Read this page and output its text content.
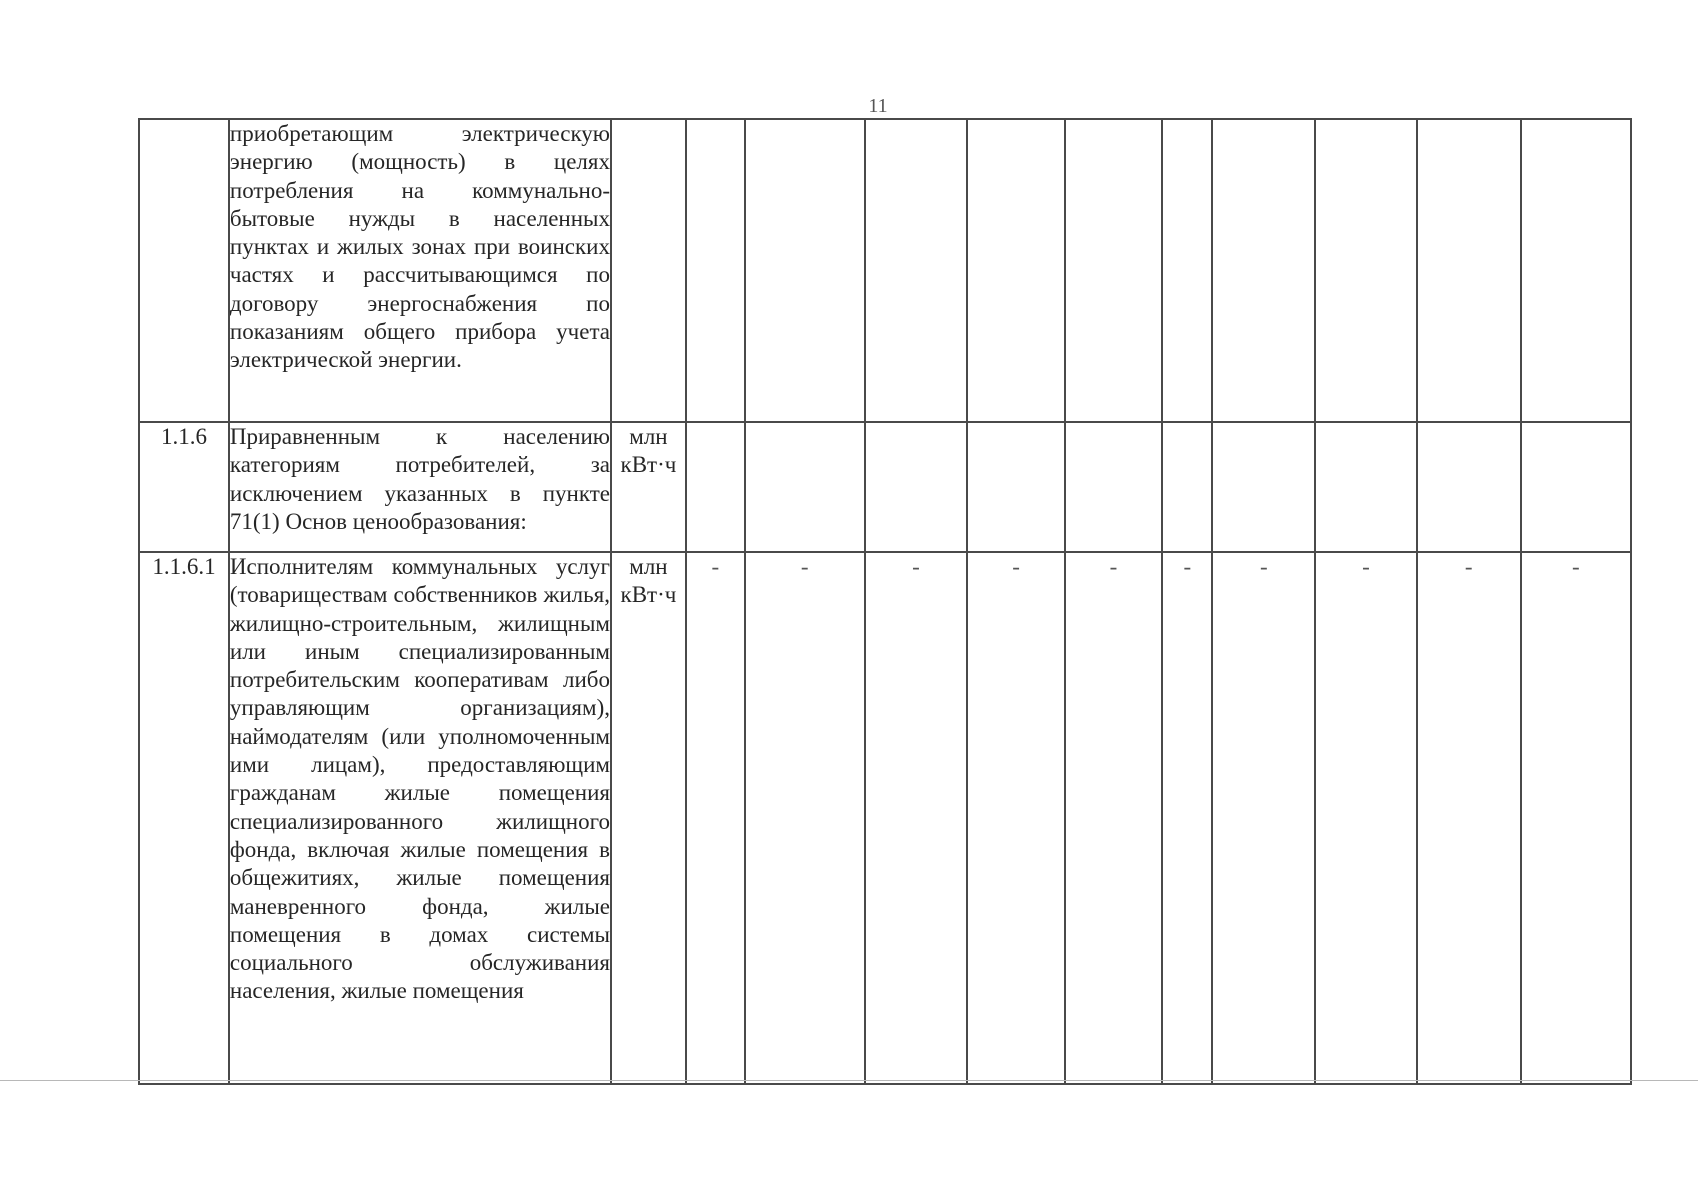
11
	приобретающим электрическую энергию (мощность) в целях потребления на коммунально-бытовые нужды в населенных пунктах и жилых зонах при воинских частях и рассчитывающимся по договору энергоснабжения по показаниям общего прибора учета электрической энергии.											
1.1.6	Приравненным к населению категориям потребителей, за исключением указанных в пункте 71(1) Основ ценообразования:	млн кВт·ч										
1.1.6.1	Исполнителям коммунальных услуг (товариществам собственников жилья, жилищно-строительным, жилищным или иным специализированным потребительским кооперативам либо управляющим организациям), наймодателям (или уполномоченным ими лицам), предоставляющим гражданам жилые помещения специализированного жилищного фонда, включая жилые помещения в общежитиях, жилые помещения маневренного фонда, жилые помещения в домах системы социального обслуживания населения, жилые помещения	млн кВт·ч	-	-	-	-	-	-	-	-	-	-
